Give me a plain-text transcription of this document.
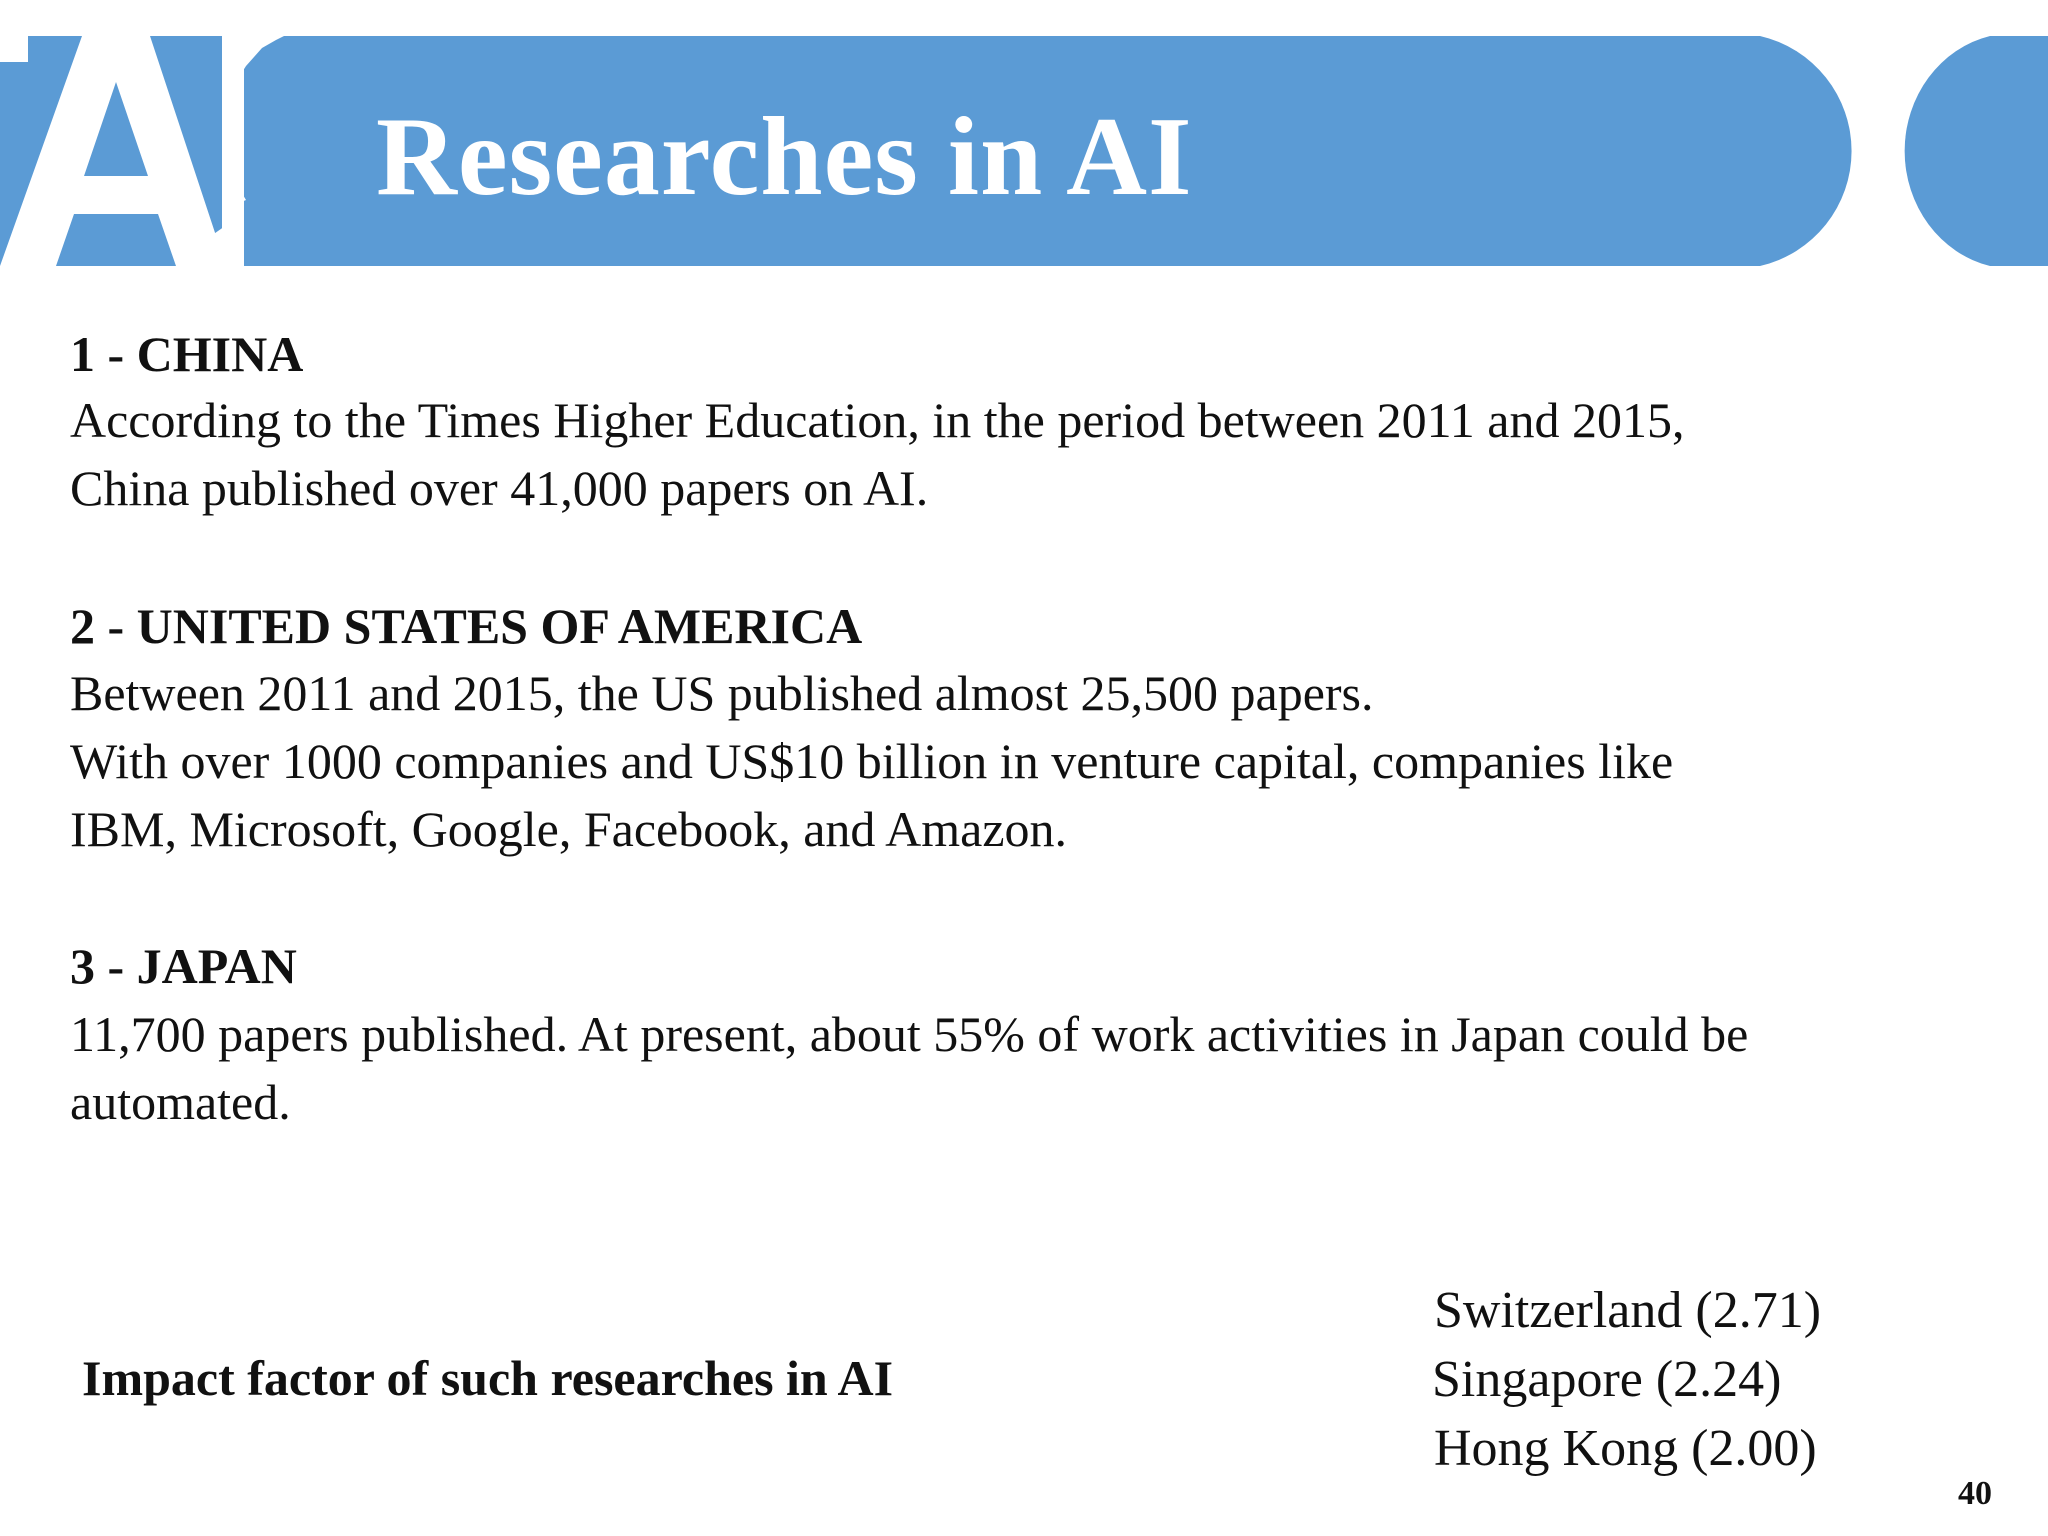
Researches in AI
1 - CHINA
According to the Times Higher Education, in the period between 2011 and 2015,
China published over 41,000 papers on AI.
2 - UNITED STATES OF AMERICA
Between 2011 and 2015, the US published almost 25,500 papers.
With over 1000 companies and US$10 billion in venture capital, companies like
IBM, Microsoft, Google, Facebook, and Amazon.
3 - JAPAN
11,700 papers published. At present, about 55% of work activities in Japan could be
automated.
Impact factor of such researches in AI
Switzerland (2.71)
Singapore (2.24)
Hong Kong (2.00)
40
